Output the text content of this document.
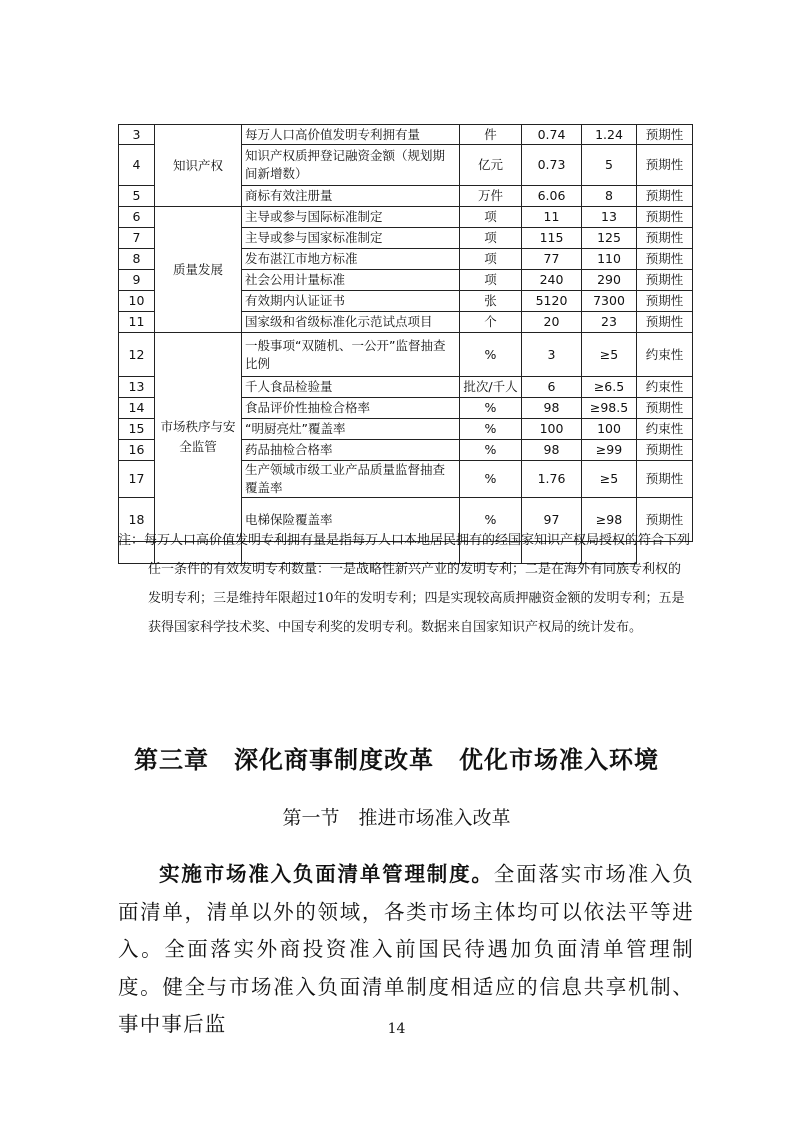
3	知识产权	每万人口高价值发明专利拥有量	件	0.74	1.24	预期性
4		知识产权质押登记融资金额（规划期间新增数）	亿元	0.73	5	预期性
5		商标有效注册量	万件	6.06	8	预期性
6	质量发展	主导或参与国际标准制定	项	11	13	预期性
7		主导或参与国家标准制定	项	115	125	预期性
8		发布湛江市地方标准	项	77	110	预期性
9		社会公用计量标准	项	240	290	预期性
10		有效期内认证证书	张	5120	7300	预期性
11		国家级和省级标准化示范试点项目	个	20	23	预期性
12	市场秩序与安全监管	一般事项“双随机、一公开”监督抽查比例	%	3	≥5	约束性
13		千人食品检验量	批次/千人	6	≥6.5	约束性
14		食品评价性抽检合格率	%	98	≥98.5	预期性
15		“明厨亮灶”覆盖率	%	100	100	约束性
16		药品抽检合格率	%	98	≥99	预期性
17		生产领域市级工业产品质量监督抽查覆盖率	%	1.76	≥5	预期性
18		电梯保险覆盖率	%	97	≥98	预期性

注：每万人口高价值发明专利拥有量是指每万人口本地居民拥有的经国家知识产权局授权的符合下列任一条件的有效发明专利数量：一是战略性新兴产业的发明专利；二是在海外有同族专利权的发明专利；三是维持年限超过10年的发明专利；四是实现较高质押融资金额的发明专利；五是获得国家科学技术奖、中国专利奖的发明专利。数据来自国家知识产权局的统计发布。

第三章　深化商事制度改革　优化市场准入环境
第一节　推进市场准入改革

实施市场准入负面清单管理制度。全面落实市场准入负面清单，清单以外的领域，各类市场主体均可以依法平等进入。全面落实外商投资准入前国民待遇加负面清单管理制度。健全与市场准入负面清单制度相适应的信息共享机制、事中事后监	14
